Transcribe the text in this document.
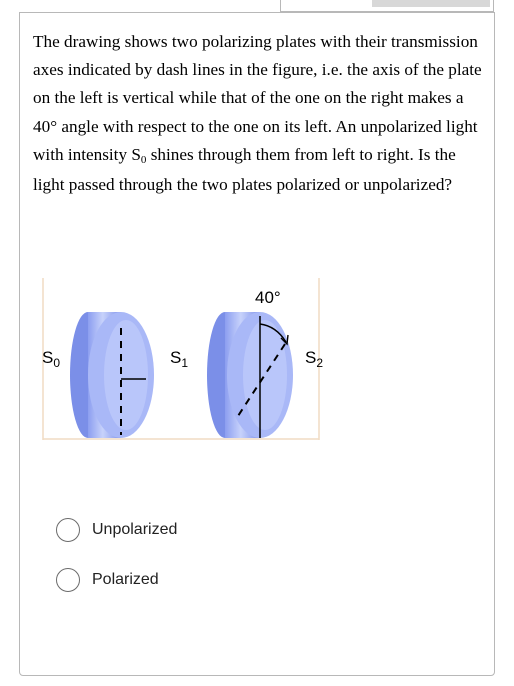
The drawing shows two polarizing plates with their transmission axes indicated by dash lines in the figure, i.e. the axis of the plate on the left is vertical while that of the one on the right makes a 40° angle with respect to the one on its left. An unpolarized light with intensity S0 shines through them from left to right. Is the light passed through the two plates polarized or unpolarized?
40°
$S_0$	$S_1$	$S_2$
Unpolarized
Polarized
